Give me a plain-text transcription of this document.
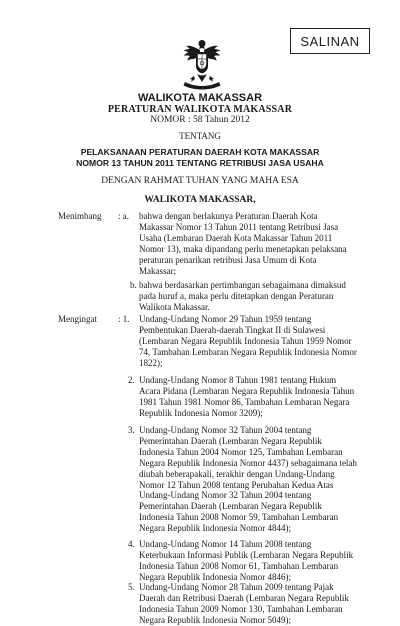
SALINAN
WALIKOTA MAKASSAR
PERATURAN WALIKOTA MAKASSAR
NOMOR : 58 Tahun 2012
TENTANG
PELAKSANAAN PERATURAN DAERAH KOTA MAKASSAR
NOMOR 13 TAHUN 2011 TENTANG RETRIBUSI JASA USAHA
DENGAN RAHMAT TUHAN YANG MAHA ESA
WALIKOTA MAKASSAR,
Menimbang : a. bahwa dengan berlakunya Peraturan Daerah Kota
Makassar Nomor 13 Tahun 2011 tentang Retribusi Jasa
Usaha (Lembaran Daerah Kota Makassar Tahun 2011
Nomor 13), maka dipandang perlu menetapkan pelaksana
peraturan penarikan retribusi Jasa Umum di Kota
Makassar;
b. bahwa berdasarkan pertimbangan sebagaimana dimaksud
pada huruf a, maka perlu ditetapkan dengan Peraturan
Walikota Makassar.
Mengingat : 1. Undang-Undang Nomor 29 Tahun 1959 tentang
Pembentukan Daerah-daerah Tingkat II di Sulawesi
(Lembaran Negara Republik Indonesia Tahun 1959 Nomor
74, Tambahan Lembaran Negara Republik Indonesia Nomor
1822);
2. Undang-Undang Nomor 8 Tahun 1981 tentang Hukum
Acara Pidana (Lembaran Negara Republik Indonesia Tahun
1981 Tahun 1981 Nomor 86, Tambahan Lembaran Negara
Republik Indonesia Nomor 3209);
3. Undang-Undang Nomor 32 Tahun 2004 tentang
Pemerintahan Daerah (Lembaran Negara Republik
Indonesia Tahun 2004 Nomor 125, Tambahan Lembaran
Negara Republik Indonesia Nomor 4437) sebagaimana telah
diubah beberapakali, terakhir dengan Undang-Undang
Nomor 12 Tahun 2008 tentang Perubahan Kedua Atas
Undang-Undang Nomor 32 Tahun 2004 tentang
Pemerintahan Daerah (Lembaran Negara Republik
Indonesia Tahun 2008 Nomor 59, Tambahan Lembaran
Negara Republik Indonesia Nomor 4844);
4. Undang-Undang Nomor 14 Tahun 2008 tentang
Keterbukaan Informasi Publik (Lembaran Negara Republik
Indonesia Tahun 2008 Nomor 61, Tambahan Lembaran
Negara Republik Indonesia Nomor 4846);
5. Undang-Undang Nomor 28 Tahun 2009 tentang Pajak
Daerah dan Retribusi Daerah (Lembaran Negara Republik
Indonesia Tahun 2009 Nomor 130, Tambahan Lembaran
Negara Republik Indonesia Nomor 5049);
